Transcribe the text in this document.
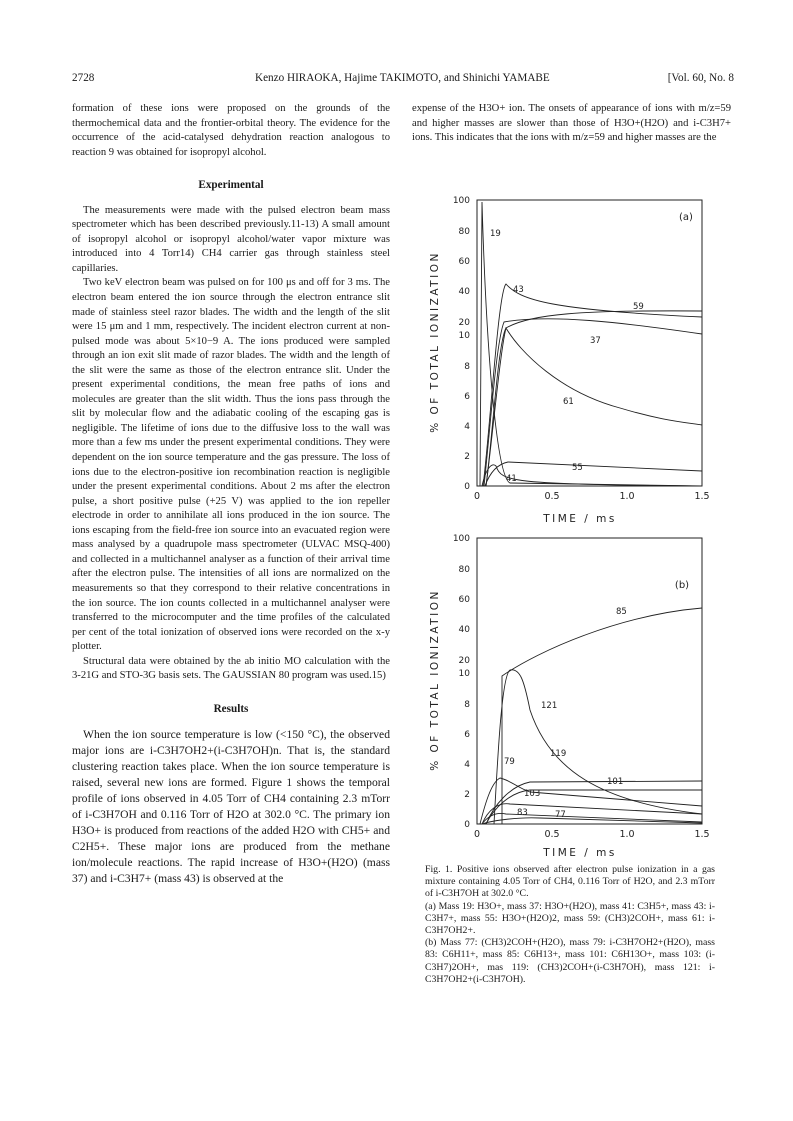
2728	Kenzo HIRAOKA, Hajime TAKIMOTO, and Shinichi YAMABE	[Vol. 60, No. 8

formation of these ions were proposed on the grounds of the thermochemical data and the frontier-orbital theory. The evidence for the occurrence of the acid-catalysed dehydration reaction analogous to reaction 9 was obtained for isopropyl alcohol.

Experimental

The measurements were made with the pulsed electron beam mass spectrometer which has been described previously.11-13) A small amount of isopropyl alcohol or isopropyl alcohol/water vapor mixture was introduced into 4 Torr14) CH4 carrier gas through stainless steel capillaries.

Two keV electron beam was pulsed on for 100 μs and off for 3 ms. The electron beam entered the ion source through the electron entrance slit made of stainless steel razor blades. The width and the length of the slit were 15 μm and 1 mm, respectively. The incident electron current at non-pulsed mode was about 5×10−9 A. The ions produced were sampled through an ion exit slit made of razor blades. The width and the length of the slit were the same as those of the electron entrance slit. Under the present experimental conditions, the mean free paths of ions and molecules are greater than the slit width. Thus the ions pass through the slit by molecular flow and the adiabatic cooling of the escaping gas is negligible. The lifetime of ions due to the diffusive loss to the wall was more than a few ms under the present experimental conditions. They were dependent on the ion source temperature and the gas pressure. The loss of ions due to the electron-positive ion recombination reaction is negligible under the present experimental conditions. About 2 ms after the electron pulse, a short positive pulse (+25 V) was applied to the ion repeller electrode in order to annihilate all ions produced in the ion source. The ions escaping from the field-free ion source into an evacuated region were mass analysed by a quadrupole mass spectrometer (ULVAC MSQ-400) and collected in a multichannel analyser as a function of their arrival time after the electron pulse. The intensities of all ions are normalized on the measurements so that they correspond to their relative concentrations in the ion source. The ion counts collected in a multichannel analyser were transferred to the microcomputer and the time profiles of the calculated per cent of the total ionization of observed ions were recorded on the x-y plotter.

Structural data were obtained by the ab initio MO calculation with the 3-21G and STO-3G basis sets. The GAUSSIAN 80 program was used.15)

Results

When the ion source temperature is low (<150 °C), the observed major ions are i-C3H7OH2+(i-C3H7OH)n. That is, the standard clustering reaction takes place. When the ion source temperature is raised, several new ions are formed. Figure 1 shows the temporal profile of ions observed in 4.05 Torr of CH4 containing 2.3 mTorr of i-C3H7OH and 0.116 Torr of H2O at 302.0 °C. The primary ion H3O+ is produced from reactions of the added H2O with CH5+ and C2H5+. These major ions are produced from the methane ion/molecule reactions. The rapid increase of H3O+(H2O) (mass 37) and i-C3H7+ (mass 43) is observed at the

expense of the H3O+ ion. The onsets of appearance of ions with m/z=59 and higher masses are slower than those of H3O+(H2O) and i-C3H7+ ions. This indicates that the ions with m/z=59 and higher masses are the

% OF TOTAL IONIZATION
0
2
4
6
8
10
20
40
60
80
100
0	0.5	1.0	1.5
TIME / ms
(a)
19
43
59
37
61
55
41
% OF TOTAL IONIZATION
0
2
4
6
8
10
20
40
60
80
100
0	0.5	1.0	1.5
TIME / ms
(b)
85
121
79
119
101
103
83	77

Fig. 1. Positive ions observed after electron pulse ionization in a gas mixture containing 4.05 Torr of CH4, 0.116 Torr of H2O, and 2.3 mTorr of i-C3H7OH at 302.0 °C.

(a) Mass 19: H3O+, mass 37: H3O+(H2O), mass 41: C3H5+, mass 43: i-C3H7+, mass 55: H3O+(H2O)2, mass 59: (CH3)2COH+, mass 61: i-C3H7OH2+.

(b) Mass 77: (CH3)2COH+(H2O), mass 79: i-C3H7OH2+(H2O), mass 83: C6H11+, mass 85: C6H13+, mass 101: C6H13O+, mass 103: (i-C3H7)2OH+, mas 119: (CH3)2COH+(i-C3H7OH), mass 121: i-C3H7OH2+(i-C3H7OH).
